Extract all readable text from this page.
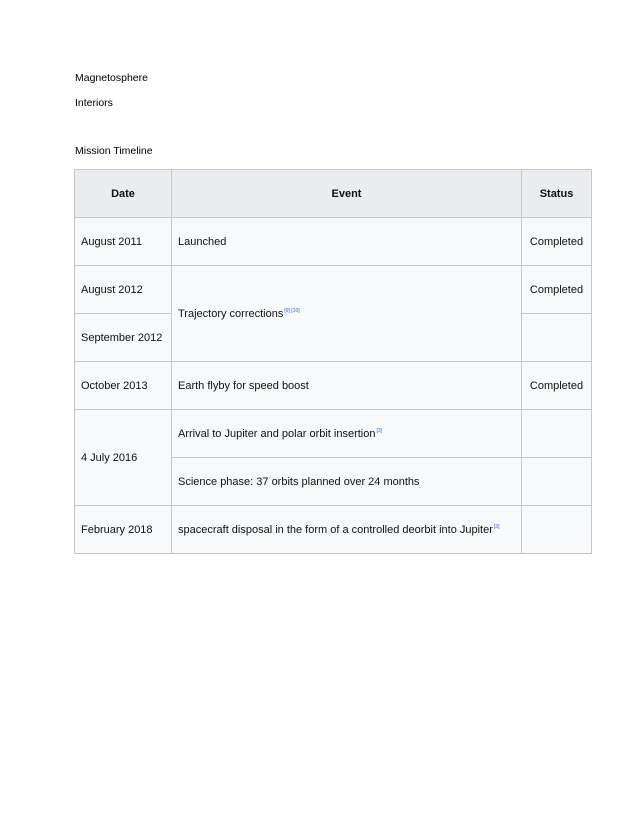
Magnetosphere
Interiors
Mission Timeline
Date	Event	Status
August 2011	Launched	Completed
August 2012	Trajectory corrections[9] [10]	Completed
September 2012		
October 2013	Earth flyby for speed boost	Completed
4 July 2016	Arrival to Jupiter and polar orbit insertion[3]	
	Science phase: 37 orbits planned over 24 months	
February 2018	spacecraft disposal in the form of a controlled deorbit into Jupiter[3]	
